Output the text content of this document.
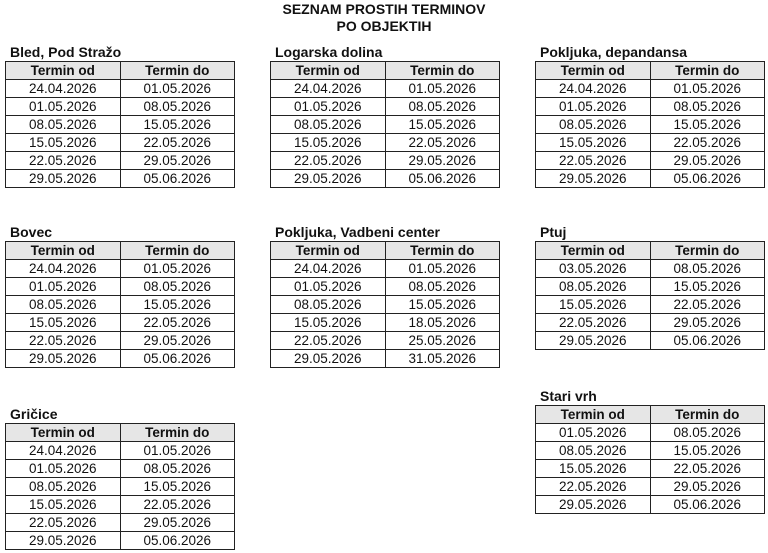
SEZNAM PROSTIH TERMINOV
PO OBJEKTIH
Bled, Pod Stražo
Termin od	Termin do
24.04.2026	01.05.2026
01.05.2026	08.05.2026
08.05.2026	15.05.2026
15.05.2026	22.05.2026
22.05.2026	29.05.2026
29.05.2026	05.06.2026
Logarska dolina
Termin od	Termin do
24.04.2026	01.05.2026
01.05.2026	08.05.2026
08.05.2026	15.05.2026
15.05.2026	22.05.2026
22.05.2026	29.05.2026
29.05.2026	05.06.2026
Pokljuka, depandansa
Termin od	Termin do
24.04.2026	01.05.2026
01.05.2026	08.05.2026
08.05.2026	15.05.2026
15.05.2026	22.05.2026
22.05.2026	29.05.2026
29.05.2026	05.06.2026
Bovec
Termin od	Termin do
24.04.2026	01.05.2026
01.05.2026	08.05.2026
08.05.2026	15.05.2026
15.05.2026	22.05.2026
22.05.2026	29.05.2026
29.05.2026	05.06.2026
Pokljuka, Vadbeni center
Termin od	Termin do
24.04.2026	01.05.2026
01.05.2026	08.05.2026
08.05.2026	15.05.2026
15.05.2026	18.05.2026
22.05.2026	25.05.2026
29.05.2026	31.05.2026
Ptuj
Termin od	Termin do
03.05.2026	08.05.2026
08.05.2026	15.05.2026
15.05.2026	22.05.2026
22.05.2026	29.05.2026
29.05.2026	05.06.2026
Gričice
Termin od	Termin do
24.04.2026	01.05.2026
01.05.2026	08.05.2026
08.05.2026	15.05.2026
15.05.2026	22.05.2026
22.05.2026	29.05.2026
29.05.2026	05.06.2026
Stari vrh
Termin od	Termin do
01.05.2026	08.05.2026
08.05.2026	15.05.2026
15.05.2026	22.05.2026
22.05.2026	29.05.2026
29.05.2026	05.06.2026
